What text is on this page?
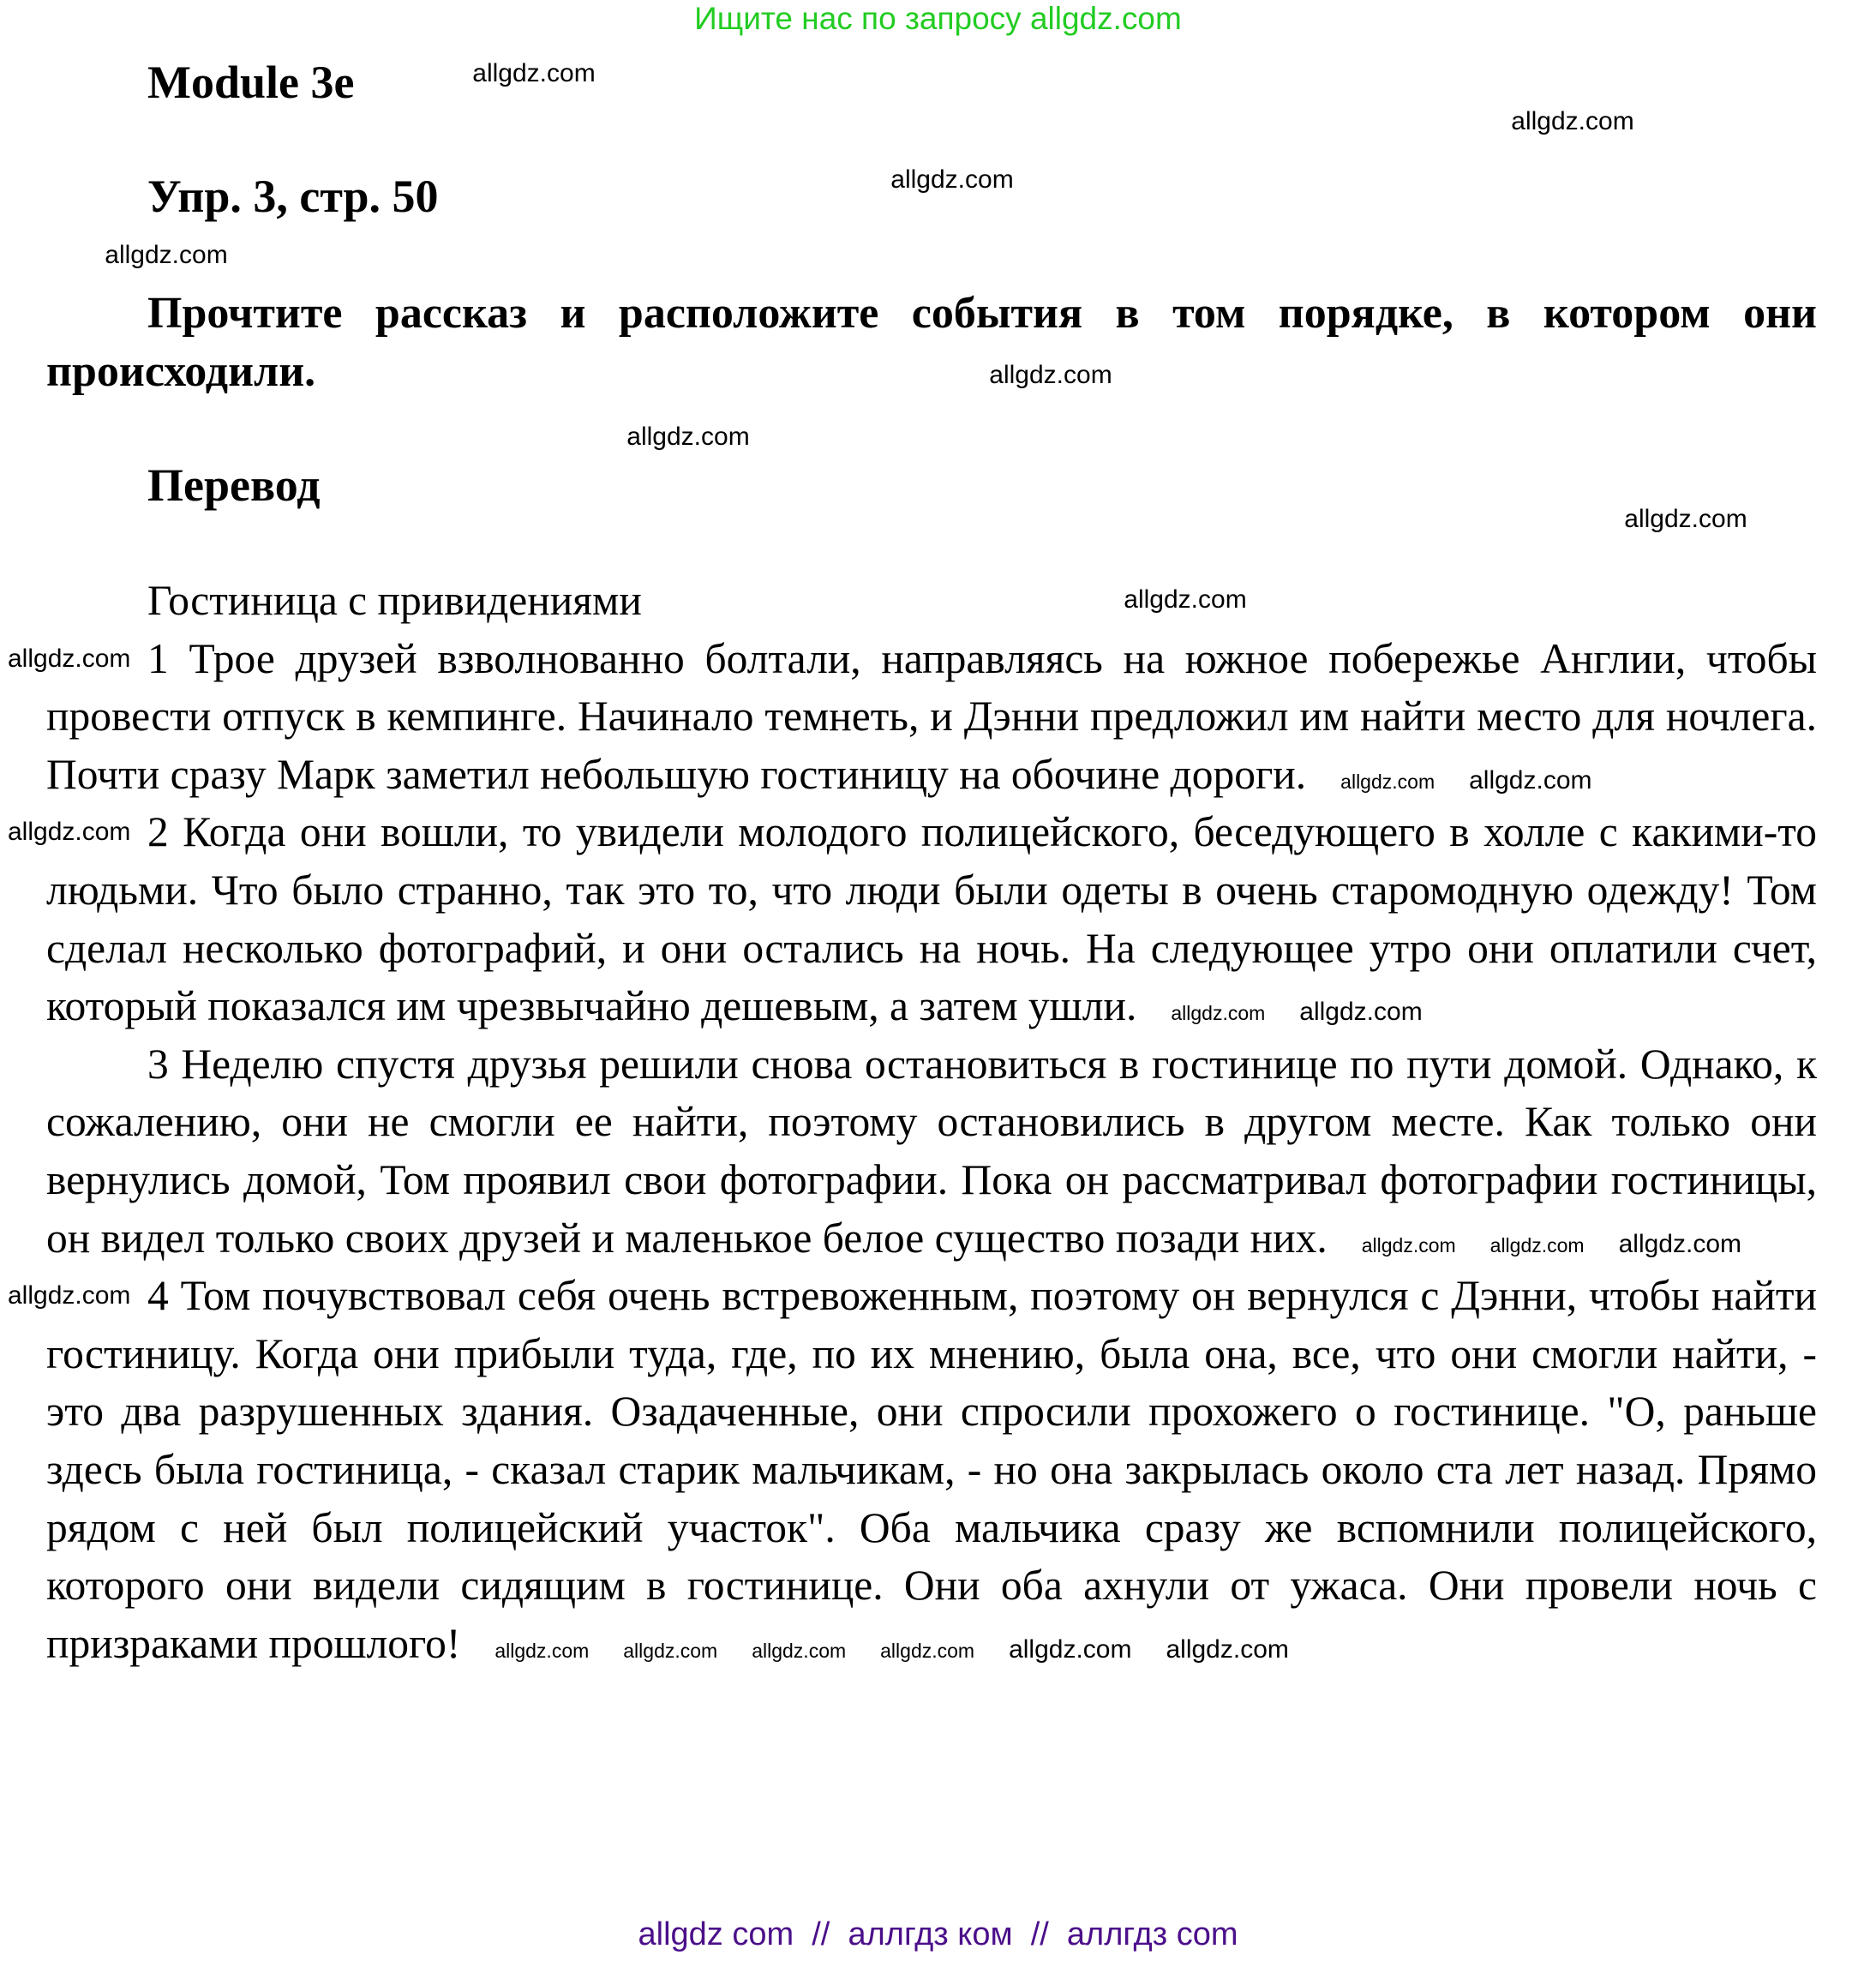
Ищите нас по запросу allgdz.com
Module 3e
Упр. 3, стр. 50
Прочтите рассказ и расположите события в том порядке, в котором они происходили.
Перевод

Гостиница с привидениями

allgdz.com 1 Трое друзей взволнованно болтали, направляясь на южное побережье Англии, чтобы провести отпуск в кемпинге. Начинало темнеть, и Дэнни предложил им найти место для ночлега. Почти сразу Марк заметил небольшую гостиницу на обочине дороги. allgdz.com allgdz.com

allgdz.com 2 Когда они вошли, то увидели молодого полицейского, беседующего в холле с какими-то людьми. Что было странно, так это то, что люди были одеты в очень старомодную одежду! Том сделал несколько фотографий, и они остались на ночь. На следующее утро они оплатили счет, который показался им чрезвычайно дешевым, а затем ушли. allgdz.com allgdz.com

3 Неделю спустя друзья решили снова остановиться в гостинице по пути домой. Однако, к сожалению, они не смогли ее найти, поэтому остановились в другом месте. Как только они вернулись домой, Том проявил свои фотографии. Пока он рассматривал фотографии гостиницы, он видел только своих друзей и маленькое белое существо позади них. allgdz.com allgdz.com allgdz.com

allgdz.com 4 Том почувствовал себя очень встревоженным, поэтому он вернулся с Дэнни, чтобы найти гостиницу. Когда они прибыли туда, где, по их мнению, была она, все, что они смогли найти, - это два разрушенных здания. Озадаченные, они спросили прохожего о гостинице. "О, раньше здесь была гостиница, - сказал старик мальчикам, - но она закрылась около ста лет назад. Прямо рядом с ней был полицейский участок". Оба мальчика сразу же вспомнили полицейского, которого они видели сидящим в гостинице. Они оба ахнули от ужаса. Они провели ночь с призраками прошлого! allgdz.com allgdz.com allgdz.com allgdz.com allgdz.com allgdz.com

allgdz.com
allgdz.com
allgdz.com
allgdz.com
allgdz.com
allgdz.com
allgdz.com
allgdz.com
allgdz com  //  аллгдз ком  //  аллгдз com
